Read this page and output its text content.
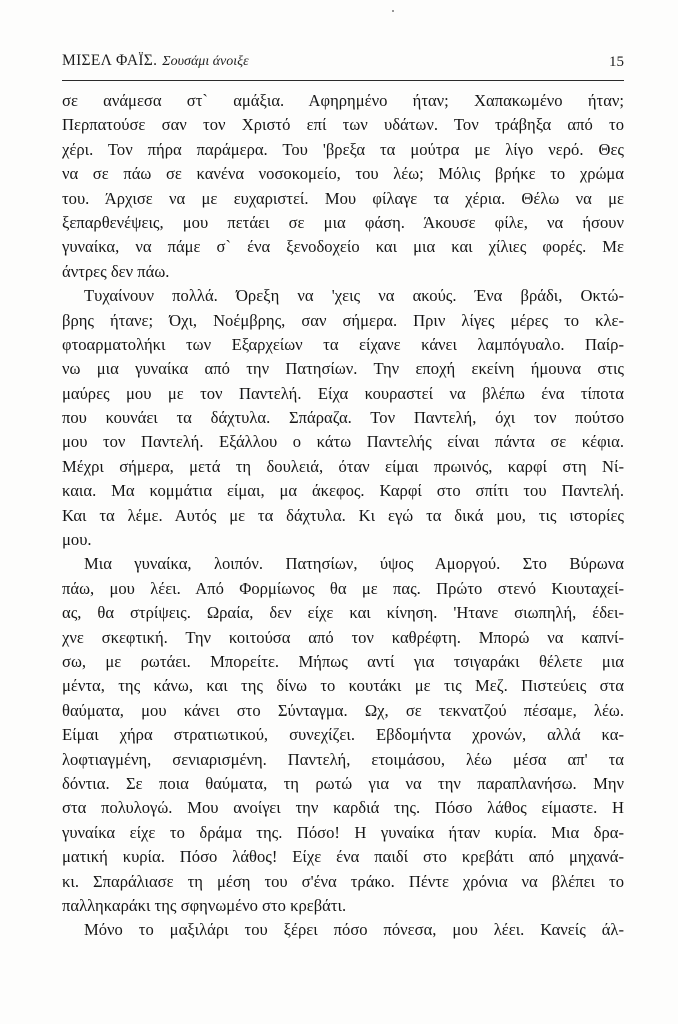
ΜΙΣΕΛ ΦΑΪΣ. Σουσάμι άνοιξε	15
σε ανάμεσα στ` αμάξια. Αφηρημένο ήταν; Χαπακωμένο ήταν;
Περπατούσε σαν τον Χριστό επί των υδάτων. Τον τράβηξα από το
χέρι. Τον πήρα παράμερα. Του 'βρεξα τα μούτρα με λίγο νερό. Θες
να σε πάω σε κανένα νοσοκομείο, του λέω; Μόλις βρήκε το χρώμα
του. Άρχισε να με ευχαριστεί. Μου φίλαγε τα χέρια. Θέλω να με
ξεπαρθενέψεις, μου πετάει σε μια φάση. Άκουσε φίλε, να ήσουν
γυναίκα, να πάμε σ` ένα ξενοδοχείο και μια και χίλιες φορές. Με
άντρες δεν πάω.
Τυχαίνουν πολλά. Όρεξη να 'χεις να ακούς. Ένα βράδι, Οκτώ-
βρης ήτανε; Όχι, Νοέμβρης, σαν σήμερα. Πριν λίγες μέρες το κλε-
φτοαρματολήκι των Εξαρχείων τα είχανε κάνει λαμπόγυαλο. Παίρ-
νω μια γυναίκα από την Πατησίων. Την εποχή εκείνη ήμουνα στις
μαύρες μου με τον Παντελή. Είχα κουραστεί να βλέπω ένα τίποτα
που κουνάει τα δάχτυλα. Σπάραζα. Τον Παντελή, όχι τον πούτσο
μου τον Παντελή. Εξάλλου ο κάτω Παντελής είναι πάντα σε κέφια.
Μέχρι σήμερα, μετά τη δουλειά, όταν είμαι πρωινός, καρφί στη Νί-
καια. Μα κομμάτια είμαι, μα άκεφος. Καρφί στο σπίτι του Παντελή.
Και τα λέμε. Αυτός με τα δάχτυλα. Κι εγώ τα δικά μου, τις ιστορίες
μου.
Μια γυναίκα, λοιπόν. Πατησίων, ύψος Αμοργού. Στο Βύρωνα
πάω, μου λέει. Από Φορμίωνος θα με πας. Πρώτο στενό Κιουταχεί-
ας, θα στρίψεις. Ωραία, δεν είχε και κίνηση. 'Ητανε σιωπηλή, έδει-
χνε σκεφτική. Την κοιτούσα από τον καθρέφτη. Μπορώ να καπνί-
σω, με ρωτάει. Μπορείτε. Μήπως αντί για τσιγαράκι θέλετε μια
μέντα, της κάνω, και της δίνω το κουτάκι με τις Μεζ. Πιστεύεις στα
θαύματα, μου κάνει στο Σύνταγμα. Ωχ, σε τεκνατζού πέσαμε, λέω.
Είμαι χήρα στρατιωτικού, συνεχίζει. Εβδομήντα χρονών, αλλά κα-
λοφτιαγμένη, σενιαρισμένη. Παντελή, ετοιμάσου, λέω μέσα απ' τα
δόντια. Σε ποια θαύματα, τη ρωτώ για να την παραπλανήσω. Μην
στα πολυλογώ. Μου ανοίγει την καρδιά της. Πόσο λάθος είμαστε. Η
γυναίκα είχε το δράμα της. Πόσο! Η γυναίκα ήταν κυρία. Μια δρα-
ματική κυρία. Πόσο λάθος! Είχε ένα παιδί στο κρεβάτι από μηχανά-
κι. Σπαράλιασε τη μέση του σ'ένα τράκο. Πέντε χρόνια να βλέπει το
παλληκαράκι της σφηνωμένο στο κρεβάτι.
Μόνο το μαξιλάρι του ξέρει πόσο πόνεσα, μου λέει. Κανείς άλ-
